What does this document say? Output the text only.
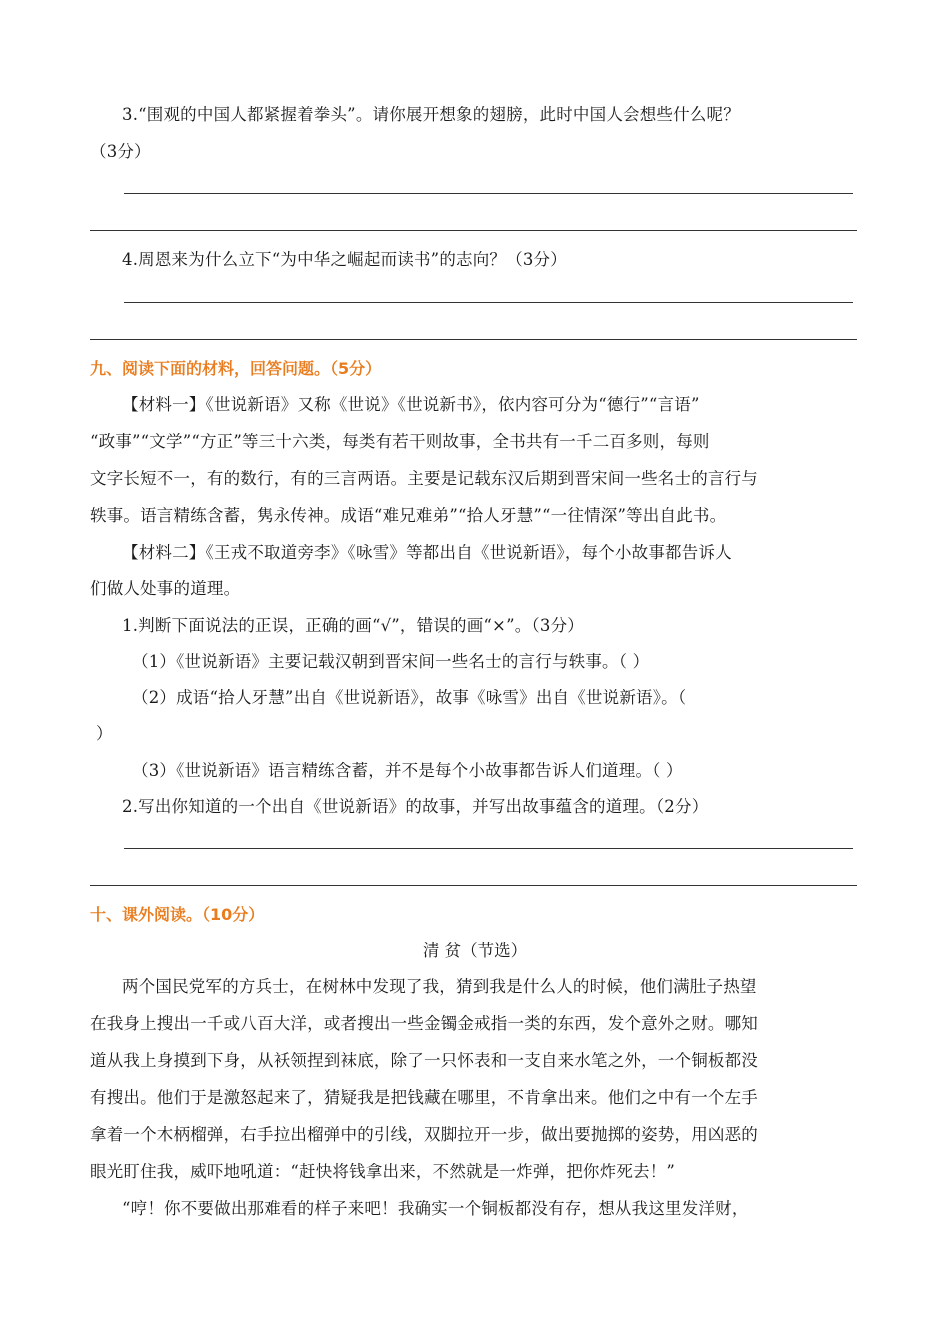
3.“围观的中国人都紧握着拳头”。请你展开想象的翅膀，此时中国人会想些什么呢？
（3分）
4.周恩来为什么立下“为中华之崛起而读书”的志向？（3分）
九、阅读下面的材料，回答问题。（5分）
【材料一】《世说新语》又称《世说》《世说新书》，依内容可分为“德行”“言语”
“政事”“文学”“方正”等三十六类，每类有若干则故事，全书共有一千二百多则，每则
文字长短不一，有的数行，有的三言两语。主要是记载东汉后期到晋宋间一些名士的言行与
轶事。语言精练含蓄，隽永传神。成语“难兄难弟”“拾人牙慧”“一往情深”等出自此书。
【材料二】《王戎不取道旁李》《咏雪》等都出自《世说新语》，每个小故事都告诉人
们做人处事的道理。
1.判断下面说法的正误，正确的画“√”，错误的画“×”。（3分）
（1）《世说新语》主要记载汉朝到晋宋间一些名士的言行与轶事。（ ）
（2）成语“拾人牙慧”出自《世说新语》，故事《咏雪》出自《世说新语》。（
）
（3）《世说新语》语言精练含蓄，并不是每个小故事都告诉人们道理。（ ）
2.写出你知道的一个出自《世说新语》的故事，并写出故事蕴含的道理。（2分）
十、课外阅读。（10分）
清 贫（节选）
两个国民党军的方兵士，在树林中发现了我，猜到我是什么人的时候，他们满肚子热望
在我身上搜出一千或八百大洋，或者搜出一些金镯金戒指一类的东西，发个意外之财。哪知
道从我上身摸到下身，从袄领捏到袜底，除了一只怀表和一支自来水笔之外，一个铜板都没
有搜出。他们于是激怒起来了，猜疑我是把钱藏在哪里，不肯拿出来。他们之中有一个左手
拿着一个木柄榴弹，右手拉出榴弹中的引线，双脚拉开一步，做出要抛掷的姿势，用凶恶的
眼光盯住我，威吓地吼道：“赶快将钱拿出来，不然就是一炸弹，把你炸死去！”
“哼！你不要做出那难看的样子来吧！我确实一个铜板都没有存，想从我这里发洋财，
